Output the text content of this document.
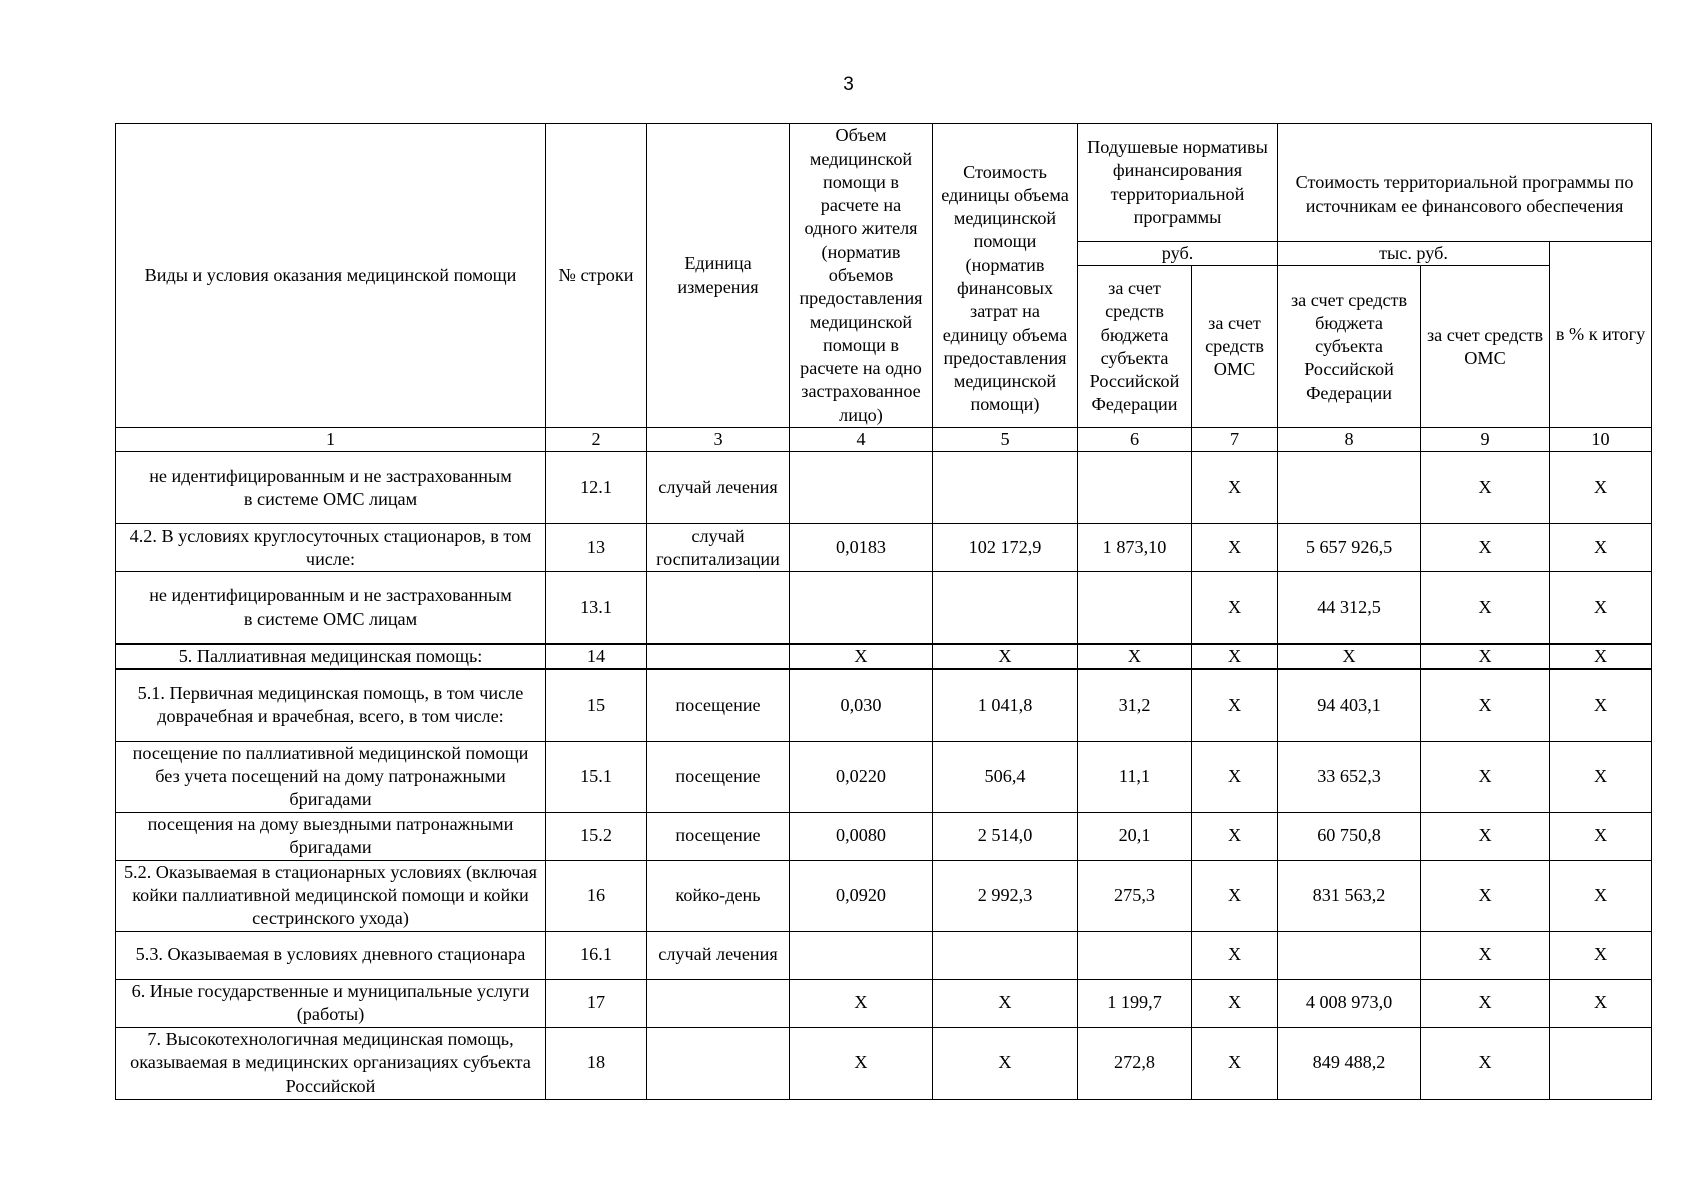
3
Виды и условия оказания медицинской помощи	№ строки	Единица измерения	Объем медицинской помощи в расчете на одного жителя (норматив объемов предоставления медицинской помощи в расчете на одно застрахованное лицо)	Стоимость единицы объема медицинской помощи (норматив финансовых затрат на единицу объема предоставления медицинской помощи)	Подушевые нормативы финансирования территориальной программы		Стоимость территориальной программы по источникам ее финансового обеспечения		
					руб.		тыс. руб.		в % к итогу
					за счет средств бюджета субъекта Российской Федерации	за счет средств ОМС	за счет средств бюджета субъекта Российской Федерации	за счет средств ОМС	
1	2	3	4	5	6	7	8	9	10
не идентифицированным и не застрахованным
в системе ОМС лицам	12.1	случай лечения				X		X	X
4.2. В условиях круглосуточных стационаров, в том числе:	13	случай госпитализации	0,0183	102 172,9	1 873,10	X	5 657 926,5	X	X
не идентифицированным и не застрахованным
в системе ОМС лицам	13.1					X	44 312,5	X	X
5. Паллиативная медицинская помощь:	14		X	X	X	X	X	X	X
5.1. Первичная медицинская помощь, в том числе доврачебная и врачебная, всего, в том числе:	15	посещение	0,030	1 041,8	31,2	X	94 403,1	X	X
посещение по паллиативной медицинской помощи без учета посещений на дому патронажными бригадами	15.1	посещение	0,0220	506,4	11,1	X	33 652,3	X	X
посещения на дому выездными патронажными бригадами	15.2	посещение	0,0080	2 514,0	20,1	X	60 750,8	X	X
5.2. Оказываемая в стационарных условиях (включая койки паллиативной медицинской помощи и койки сестринского ухода)	16	койко-день	0,0920	2 992,3	275,3	X	831 563,2	X	X
5.3. Оказываемая в условиях дневного стационара	16.1	случай лечения				X		X	X
6. Иные государственные и муниципальные услуги (работы)	17		X	X	1 199,7	X	4 008 973,0	X	X
7. Высокотехнологичная медицинская помощь, оказываемая в медицинских организациях субъекта Российской	18		X	X	272,8	X	849 488,2	X	
